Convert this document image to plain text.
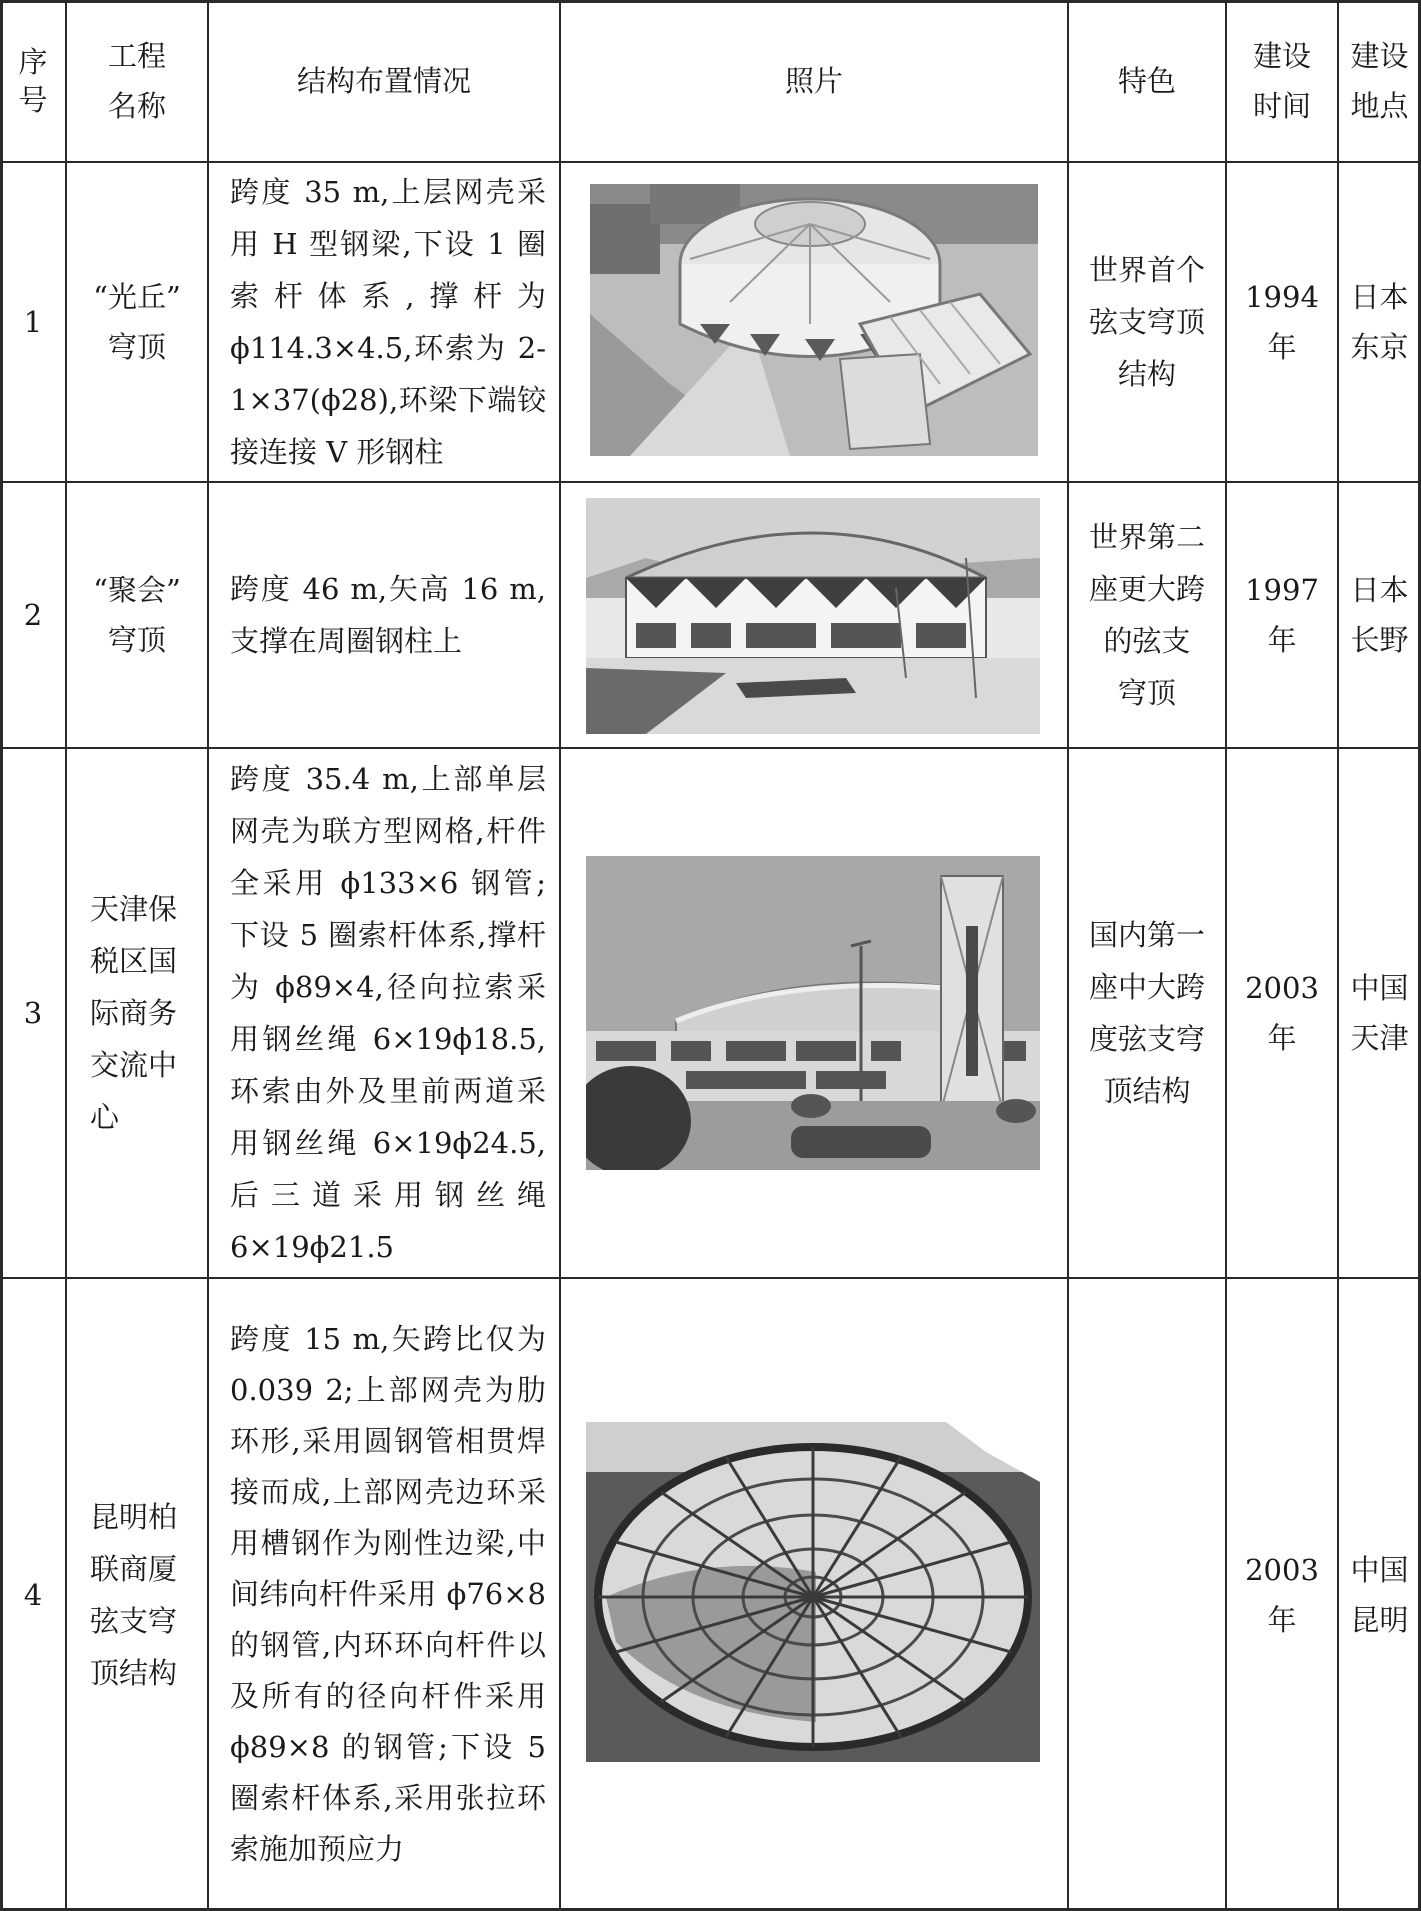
序
号
工程
名称
结构布置情况	照片	特色
建设
时间
建设
地点
1
“光丘”
穹顶
跨度 35 m,上层网壳采用 H 型钢梁,下设 1 圈索杆体系,撑杆为 ϕ114.3×4.5,环索为 2-1×37(ϕ28),环梁下端铰接连接 V 形钢柱
世界首个
弦支穹顶
结构
1994 年
日本
东京
2
“聚会”
穹顶
跨度 46 m,矢高 16 m,支撑在周圈钢柱上
世界第二
座更大跨
的弦支
穹顶
1997 年
日本
长野
3
天津保
税区国
际商务
交流中
心
跨度 35.4 m,上部单层网壳为联方型网格,杆件全采用 ϕ133×6 钢管;下设 5 圈索杆体系,撑杆为 ϕ89×4,径向拉索采用钢丝绳 6×19ϕ18.5,环索由外及里前两道采用钢丝绳 6×19ϕ24.5,后三道采用钢丝绳 6×19ϕ21.5
国内第一
座中大跨
度弦支穹
顶结构
2003 年
中国
天津
4
昆明柏
联商厦
弦支穹
顶结构
跨度 15 m,矢跨比仅为 0.039 2;上部网壳为肋环形,采用圆钢管相贯焊接而成,上部网壳边环采用槽钢作为刚性边梁,中间纬向杆件采用 ϕ76×8 的钢管,内环环向杆件以及所有的径向杆件采用 ϕ89×8 的钢管;下设 5 圈索杆体系,采用张拉环索施加预应力
2003 年
中国
昆明
